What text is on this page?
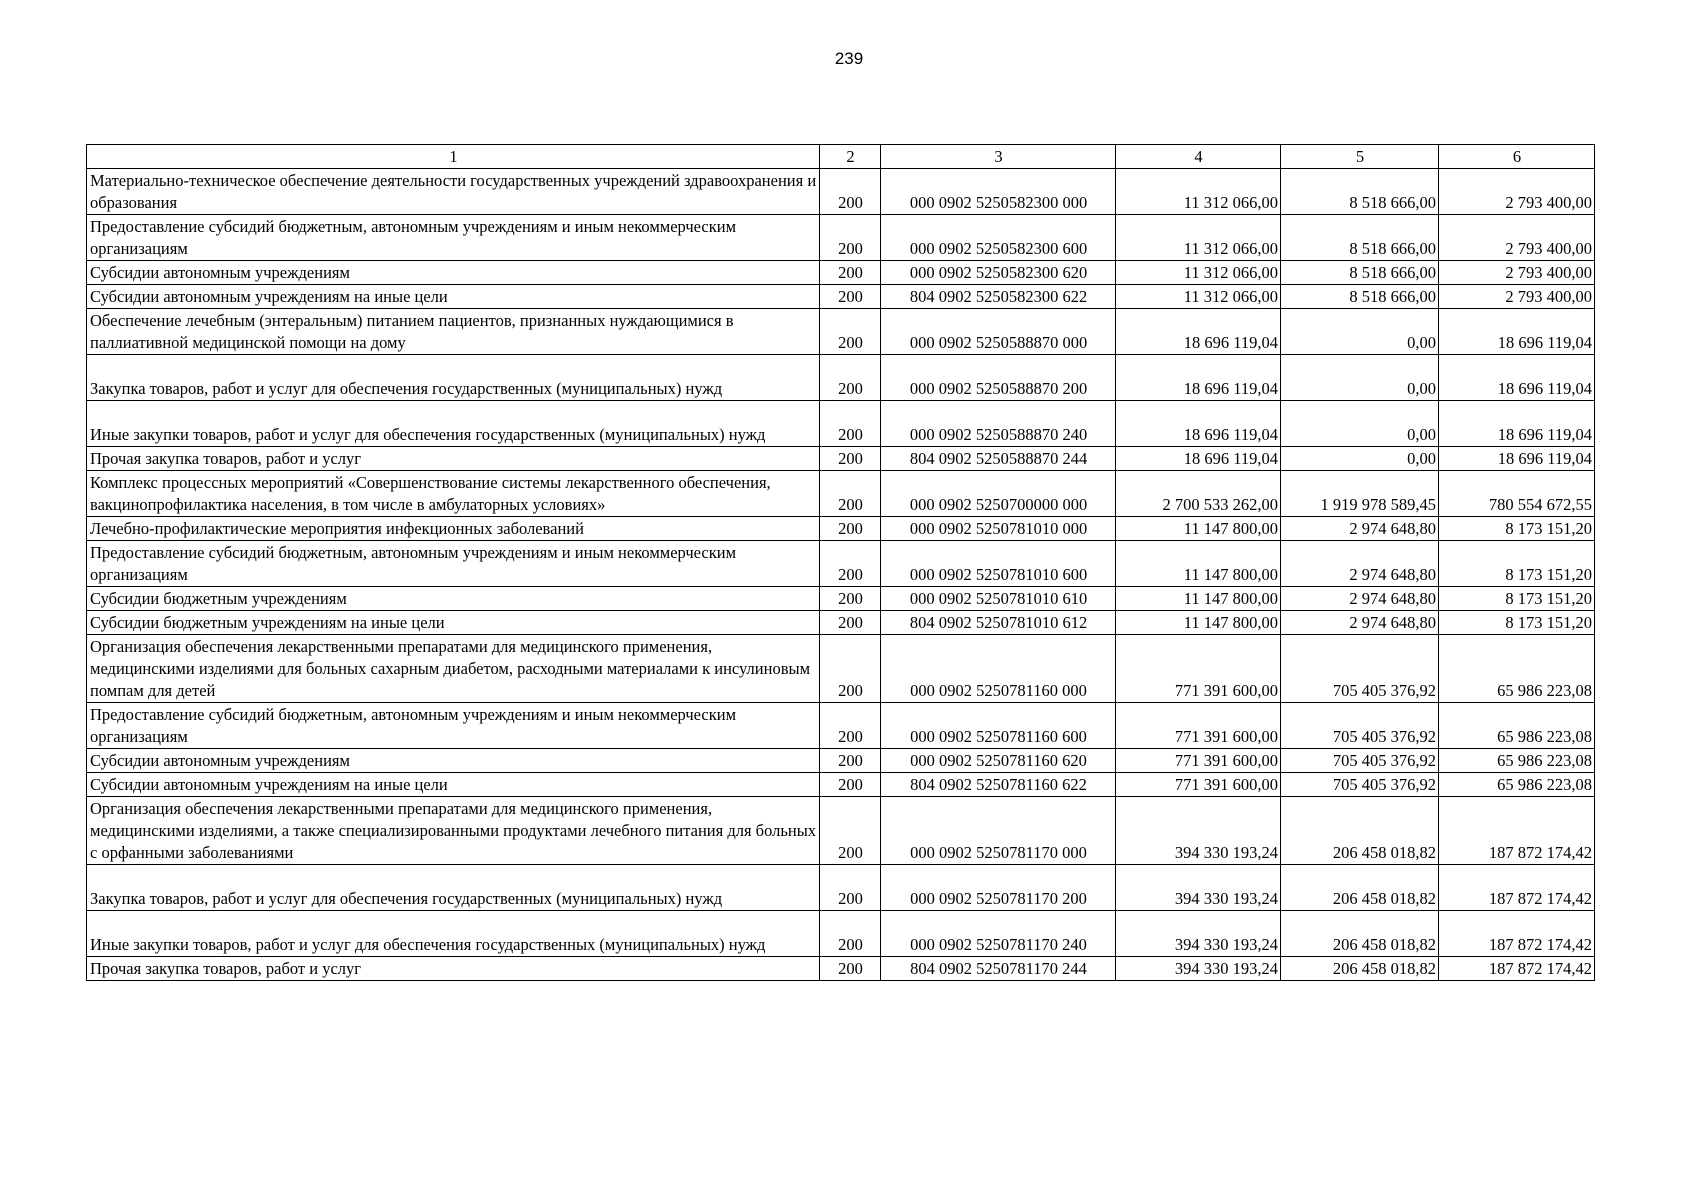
239
1	2	3	4	5	6
Материально-техническое обеспечение деятельности государственных учреждений здравоохранения и образования	200	000 0902 5250582300 000	11 312 066,00	8 518 666,00	2 793 400,00
Предоставление субсидий бюджетным, автономным учреждениям и иным некоммерческим организациям	200	000 0902 5250582300 600	11 312 066,00	8 518 666,00	2 793 400,00
Субсидии автономным учреждениям	200	000 0902 5250582300 620	11 312 066,00	8 518 666,00	2 793 400,00
Субсидии автономным учреждениям на иные цели	200	804 0902 5250582300 622	11 312 066,00	8 518 666,00	2 793 400,00
Обеспечение лечебным (энтеральным) питанием пациентов, признанных нуждающимися в паллиативной медицинской помощи на дому	200	000 0902 5250588870 000	18 696 119,04	0,00	18 696 119,04
Закупка товаров, работ и услуг для обеспечения государственных (муниципальных) нужд	200	000 0902 5250588870 200	18 696 119,04	0,00	18 696 119,04
Иные закупки товаров, работ и услуг для обеспечения государственных (муниципальных) нужд	200	000 0902 5250588870 240	18 696 119,04	0,00	18 696 119,04
Прочая закупка товаров, работ и услуг	200	804 0902 5250588870 244	18 696 119,04	0,00	18 696 119,04
Комплекс процессных мероприятий «Совершенствование системы лекарственного обеспечения, вакцинопрофилактика населения, в том числе в амбулаторных условиях»	200	000 0902 5250700000 000	2 700 533 262,00	1 919 978 589,45	780 554 672,55
Лечебно-профилактические мероприятия инфекционных заболеваний	200	000 0902 5250781010 000	11 147 800,00	2 974 648,80	8 173 151,20
Предоставление субсидий бюджетным, автономным учреждениям и иным некоммерческим организациям	200	000 0902 5250781010 600	11 147 800,00	2 974 648,80	8 173 151,20
Субсидии бюджетным учреждениям	200	000 0902 5250781010 610	11 147 800,00	2 974 648,80	8 173 151,20
Субсидии бюджетным учреждениям на иные цели	200	804 0902 5250781010 612	11 147 800,00	2 974 648,80	8 173 151,20
Организация обеспечения лекарственными препаратами для медицинского применения, медицинскими изделиями для больных сахарным диабетом, расходными материалами к инсулиновым помпам для детей	200	000 0902 5250781160 000	771 391 600,00	705 405 376,92	65 986 223,08
Предоставление субсидий бюджетным, автономным учреждениям и иным некоммерческим организациям	200	000 0902 5250781160 600	771 391 600,00	705 405 376,92	65 986 223,08
Субсидии автономным учреждениям	200	000 0902 5250781160 620	771 391 600,00	705 405 376,92	65 986 223,08
Субсидии автономным учреждениям на иные цели	200	804 0902 5250781160 622	771 391 600,00	705 405 376,92	65 986 223,08
Организация обеспечения лекарственными препаратами для медицинского применения, медицинскими изделиями, а также специализированными продуктами лечебного питания для больных с орфанными заболеваниями	200	000 0902 5250781170 000	394 330 193,24	206 458 018,82	187 872 174,42
Закупка товаров, работ и услуг для обеспечения государственных (муниципальных) нужд	200	000 0902 5250781170 200	394 330 193,24	206 458 018,82	187 872 174,42
Иные закупки товаров, работ и услуг для обеспечения государственных (муниципальных) нужд	200	000 0902 5250781170 240	394 330 193,24	206 458 018,82	187 872 174,42
Прочая закупка товаров, работ и услуг	200	804 0902 5250781170 244	394 330 193,24	206 458 018,82	187 872 174,42
